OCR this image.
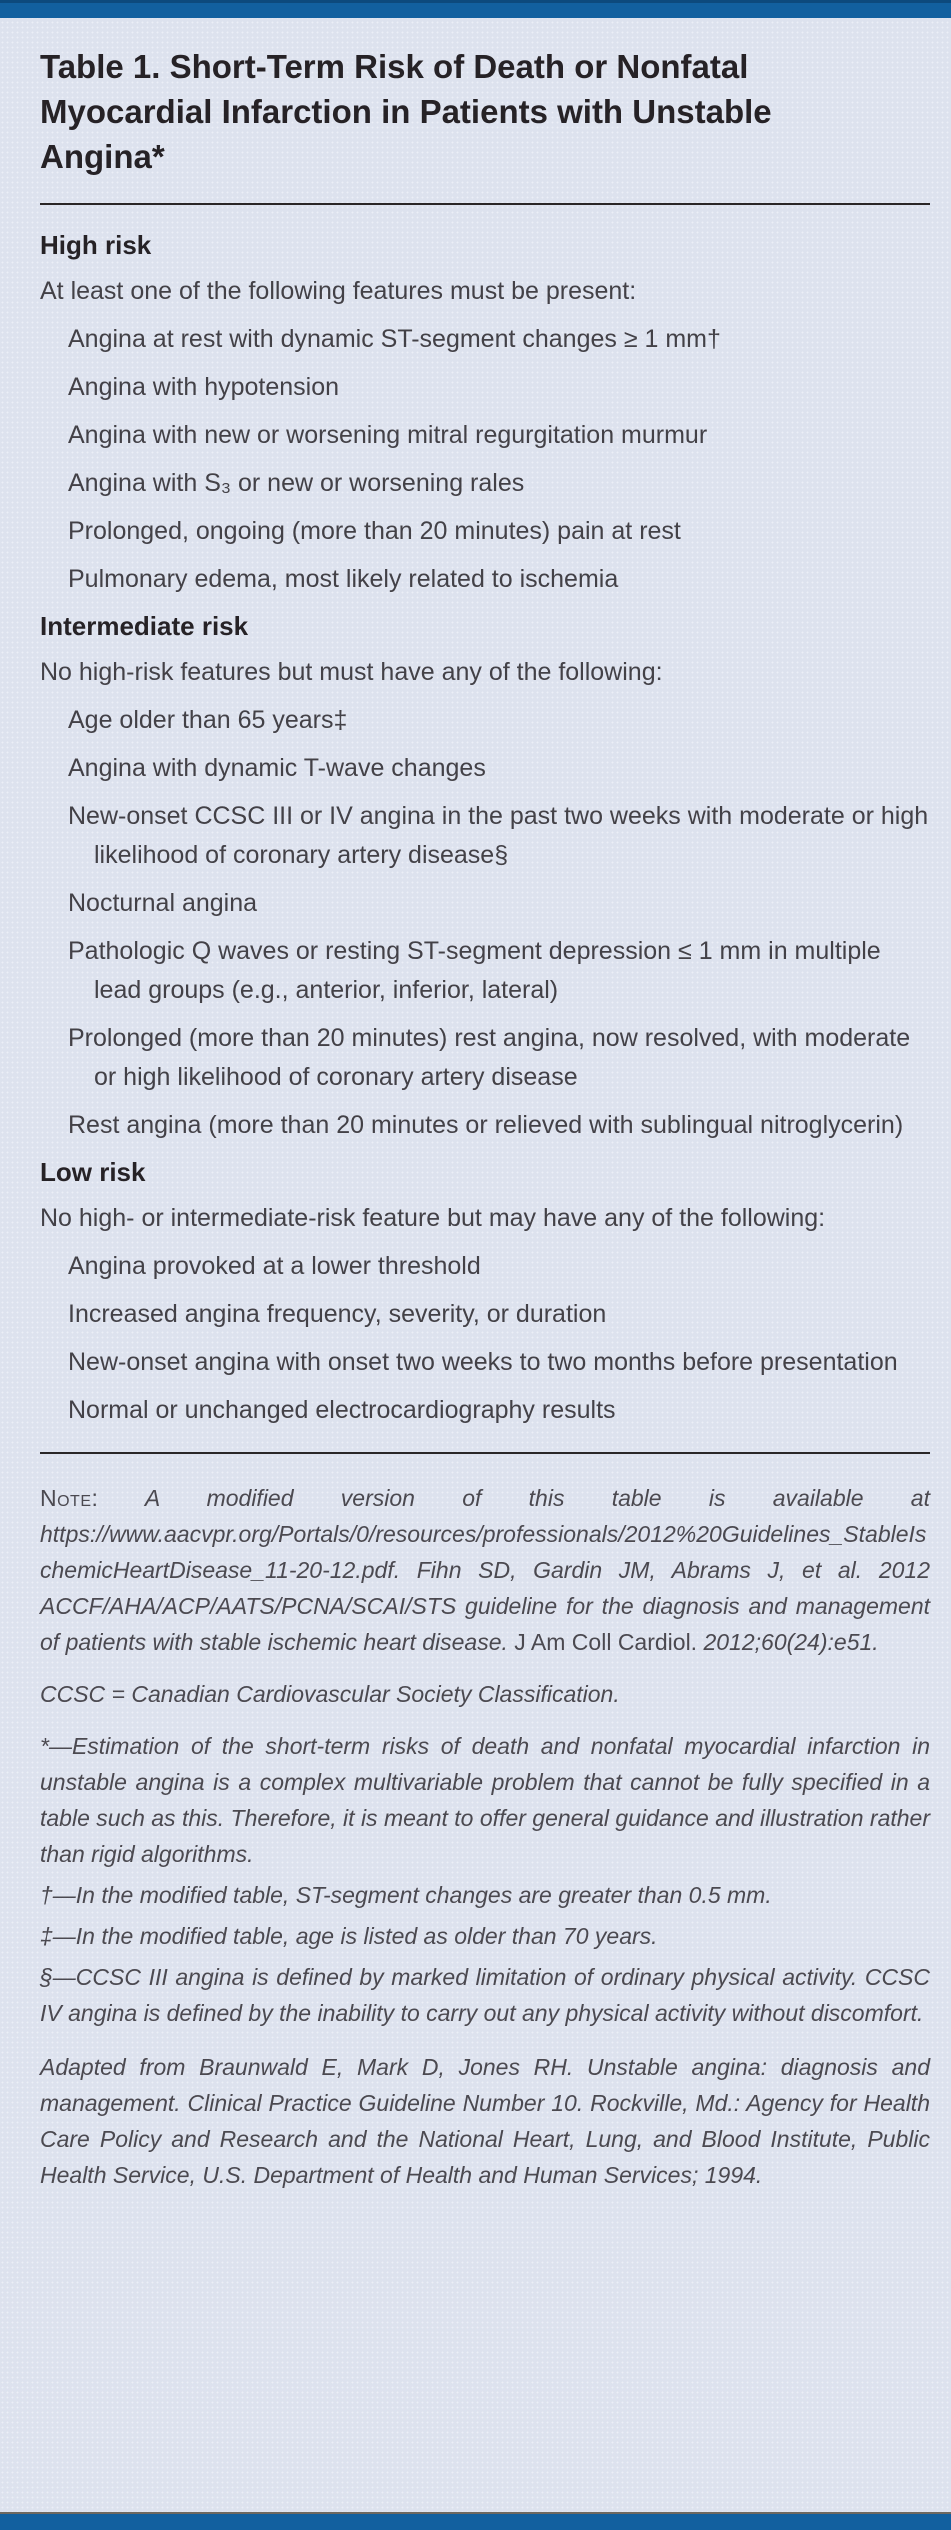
Table 1. Short-Term Risk of Death or Nonfatal Myocardial Infarction in Patients with Unstable Angina*
High risk

At least one of the following features must be present:

Angina at rest with dynamic ST-segment changes ≥ 1 mm†

Angina with hypotension

Angina with new or worsening mitral regurgitation murmur

Angina with S₃ or new or worsening rales

Prolonged, ongoing (more than 20 minutes) pain at rest

Pulmonary edema, most likely related to ischemia

Intermediate risk

No high-risk features but must have any of the following:

Age older than 65 years‡

Angina with dynamic T-wave changes

New-onset CCSC III or IV angina in the past two weeks with moderate or high likelihood of coronary artery disease§

Nocturnal angina

Pathologic Q waves or resting ST-segment depression ≤ 1 mm in multiple lead groups (e.g., anterior, inferior, lateral)

Prolonged (more than 20 minutes) rest angina, now resolved, with moderate or high likelihood of coronary artery disease

Rest angina (more than 20 minutes or relieved with sublingual nitroglycerin)

Low risk

No high- or intermediate-risk feature but may have any of the following:

Angina provoked at a lower threshold

Increased angina frequency, severity, or duration

New-onset angina with onset two weeks to two months before presentation

Normal or unchanged electrocardiography results

Note: A modified version of this table is available at https://www.aacvpr.org/Portals/0/resources/professionals/2012%20Guidelines_StableIschemicHeartDisease_11-20-12.pdf. Fihn SD, Gardin JM, Abrams J, et al. 2012 ACCF/AHA/ACP/AATS/PCNA/SCAI/STS guideline for the diagnosis and management of patients with stable ischemic heart disease. J Am Coll Cardiol. 2012;60(24):e51.

CCSC = Canadian Cardiovascular Society Classification.

*—Estimation of the short-term risks of death and nonfatal myocardial infarction in unstable angina is a complex multivariable problem that cannot be fully specified in a table such as this. Therefore, it is meant to offer general guidance and illustration rather than rigid algorithms.

†—In the modified table, ST-segment changes are greater than 0.5 mm.

‡—In the modified table, age is listed as older than 70 years.

§—CCSC III angina is defined by marked limitation of ordinary physical activity. CCSC IV angina is defined by the inability to carry out any physical activity without discomfort.

Adapted from Braunwald E, Mark D, Jones RH. Unstable angina: diagnosis and management. Clinical Practice Guideline Number 10. Rockville, Md.: Agency for Health Care Policy and Research and the National Heart, Lung, and Blood Institute, Public Health Service, U.S. Department of Health and Human Services; 1994.
